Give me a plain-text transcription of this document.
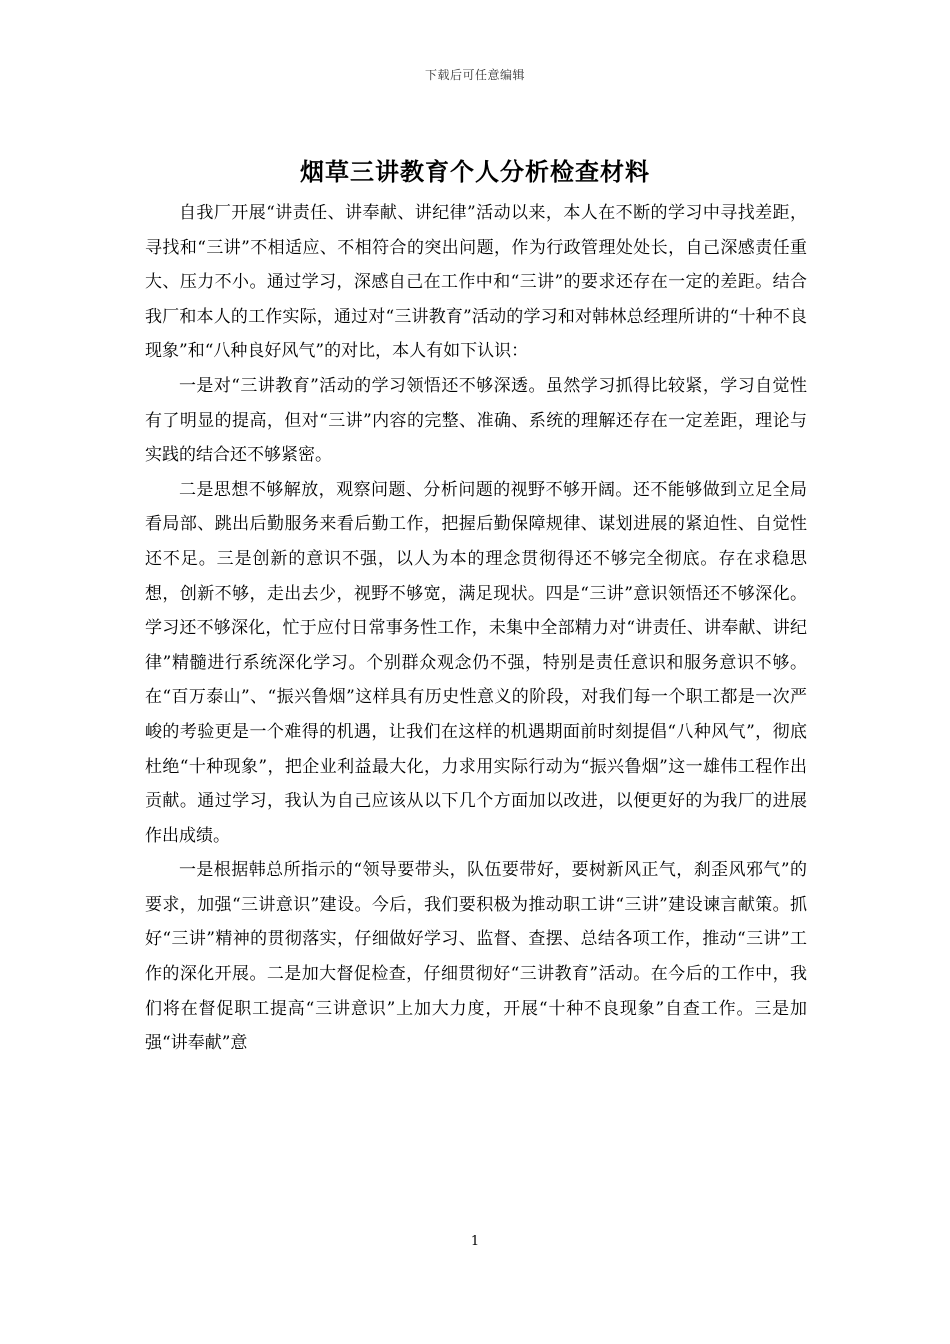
下载后可任意编辑
烟草三讲教育个人分析检查材料

自我厂开展“讲责任、讲奉献、讲纪律”活动以来，本人在不断的学习中寻找差距，寻找和“三讲”不相适应、不相符合的突出问题，作为行政管理处处长，自己深感责任重大、压力不小。通过学习，深感自己在工作中和“三讲”的要求还存在一定的差距。结合我厂和本人的工作实际，通过对“三讲教育”活动的学习和对韩林总经理所讲的“十种不良现象”和“八种良好风气”的对比，本人有如下认识：

一是对“三讲教育”活动的学习领悟还不够深透。虽然学习抓得比较紧，学习自觉性有了明显的提高，但对“三讲”内容的完整、准确、系统的理解还存在一定差距，理论与实践的结合还不够紧密。

二是思想不够解放，观察问题、分析问题的视野不够开阔。还不能够做到立足全局看局部、跳出后勤服务来看后勤工作，把握后勤保障规律、谋划进展的紧迫性、自觉性还不足。三是创新的意识不强，以人为本的理念贯彻得还不够完全彻底。存在求稳思想，创新不够，走出去少，视野不够宽，满足现状。四是“三讲”意识领悟还不够深化。学习还不够深化，忙于应付日常事务性工作，未集中全部精力对“讲责任、讲奉献、讲纪律”精髓进行系统深化学习。个别群众观念仍不强，特别是责任意识和服务意识不够。在“百万泰山”、“振兴鲁烟”这样具有历史性意义的阶段，对我们每一个职工都是一次严峻的考验更是一个难得的机遇，让我们在这样的机遇期面前时刻提倡“八种风气”，彻底杜绝“十种现象”，把企业利益最大化，力求用实际行动为“振兴鲁烟”这一雄伟工程作出贡献。通过学习，我认为自己应该从以下几个方面加以改进，以便更好的为我厂的进展作出成绩。

一是根据韩总所指示的“领导要带头，队伍要带好，要树新风正气，刹歪风邪气”的要求，加强“三讲意识”建设。今后，我们要积极为推动职工讲“三讲”建设谏言献策。抓好“三讲”精神的贯彻落实，仔细做好学习、监督、查摆、总结各项工作，推动“三讲”工作的深化开展。二是加大督促检查，仔细贯彻好“三讲教育”活动。在今后的工作中，我们将在督促职工提高“三讲意识”上加大力度，开展“十种不良现象”自查工作。三是加强“讲奉献”意

1
